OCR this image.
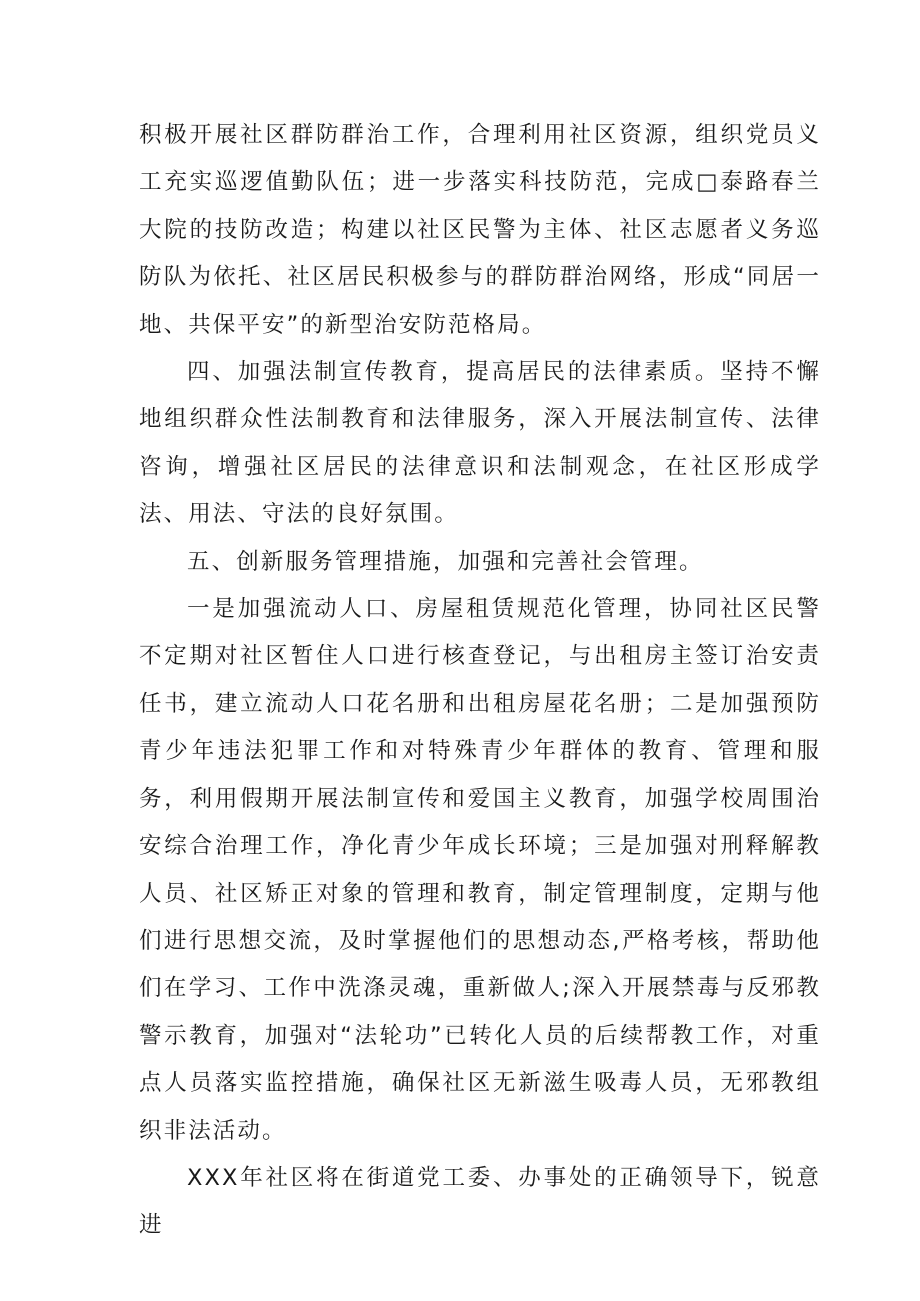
积极开展社区群防群治工作，合理利用社区资源，组织党员义工充实巡逻值勤队伍；进一步落实科技防范，完成□泰路春兰大院的技防改造；构建以社区民警为主体、社区志愿者义务巡防队为依托、社区居民积极参与的群防群治网络，形成“同居一地、共保平安”的新型治安防范格局。

四、加强法制宣传教育，提高居民的法律素质。坚持不懈地组织群众性法制教育和法律服务，深入开展法制宣传、法律咨询，增强社区居民的法律意识和法制观念，在社区形成学法、用法、守法的良好氛围。

五、创新服务管理措施，加强和完善社会管理。

一是加强流动人口、房屋租赁规范化管理，协同社区民警不定期对社区暂住人口进行核查登记，与出租房主签订治安责任书，建立流动人口花名册和出租房屋花名册；二是加强预防青少年违法犯罪工作和对特殊青少年群体的教育、管理和服务，利用假期开展法制宣传和爱国主义教育，加强学校周围治安综合治理工作，净化青少年成长环境；三是加强对刑释解教人员、社区矫正对象的管理和教育，制定管理制度，定期与他们进行思想交流，及时掌握他们的思想动态,严格考核，帮助他们在学习、工作中洗涤灵魂，重新做人;深入开展禁毒与反邪教警示教育，加强对“法轮功”已转化人员的后续帮教工作，对重点人员落实监控措施，确保社区无新滋生吸毒人员，无邪教组织非法活动。

XXX年社区将在街道党工委、办事处的正确领导下，锐意进
